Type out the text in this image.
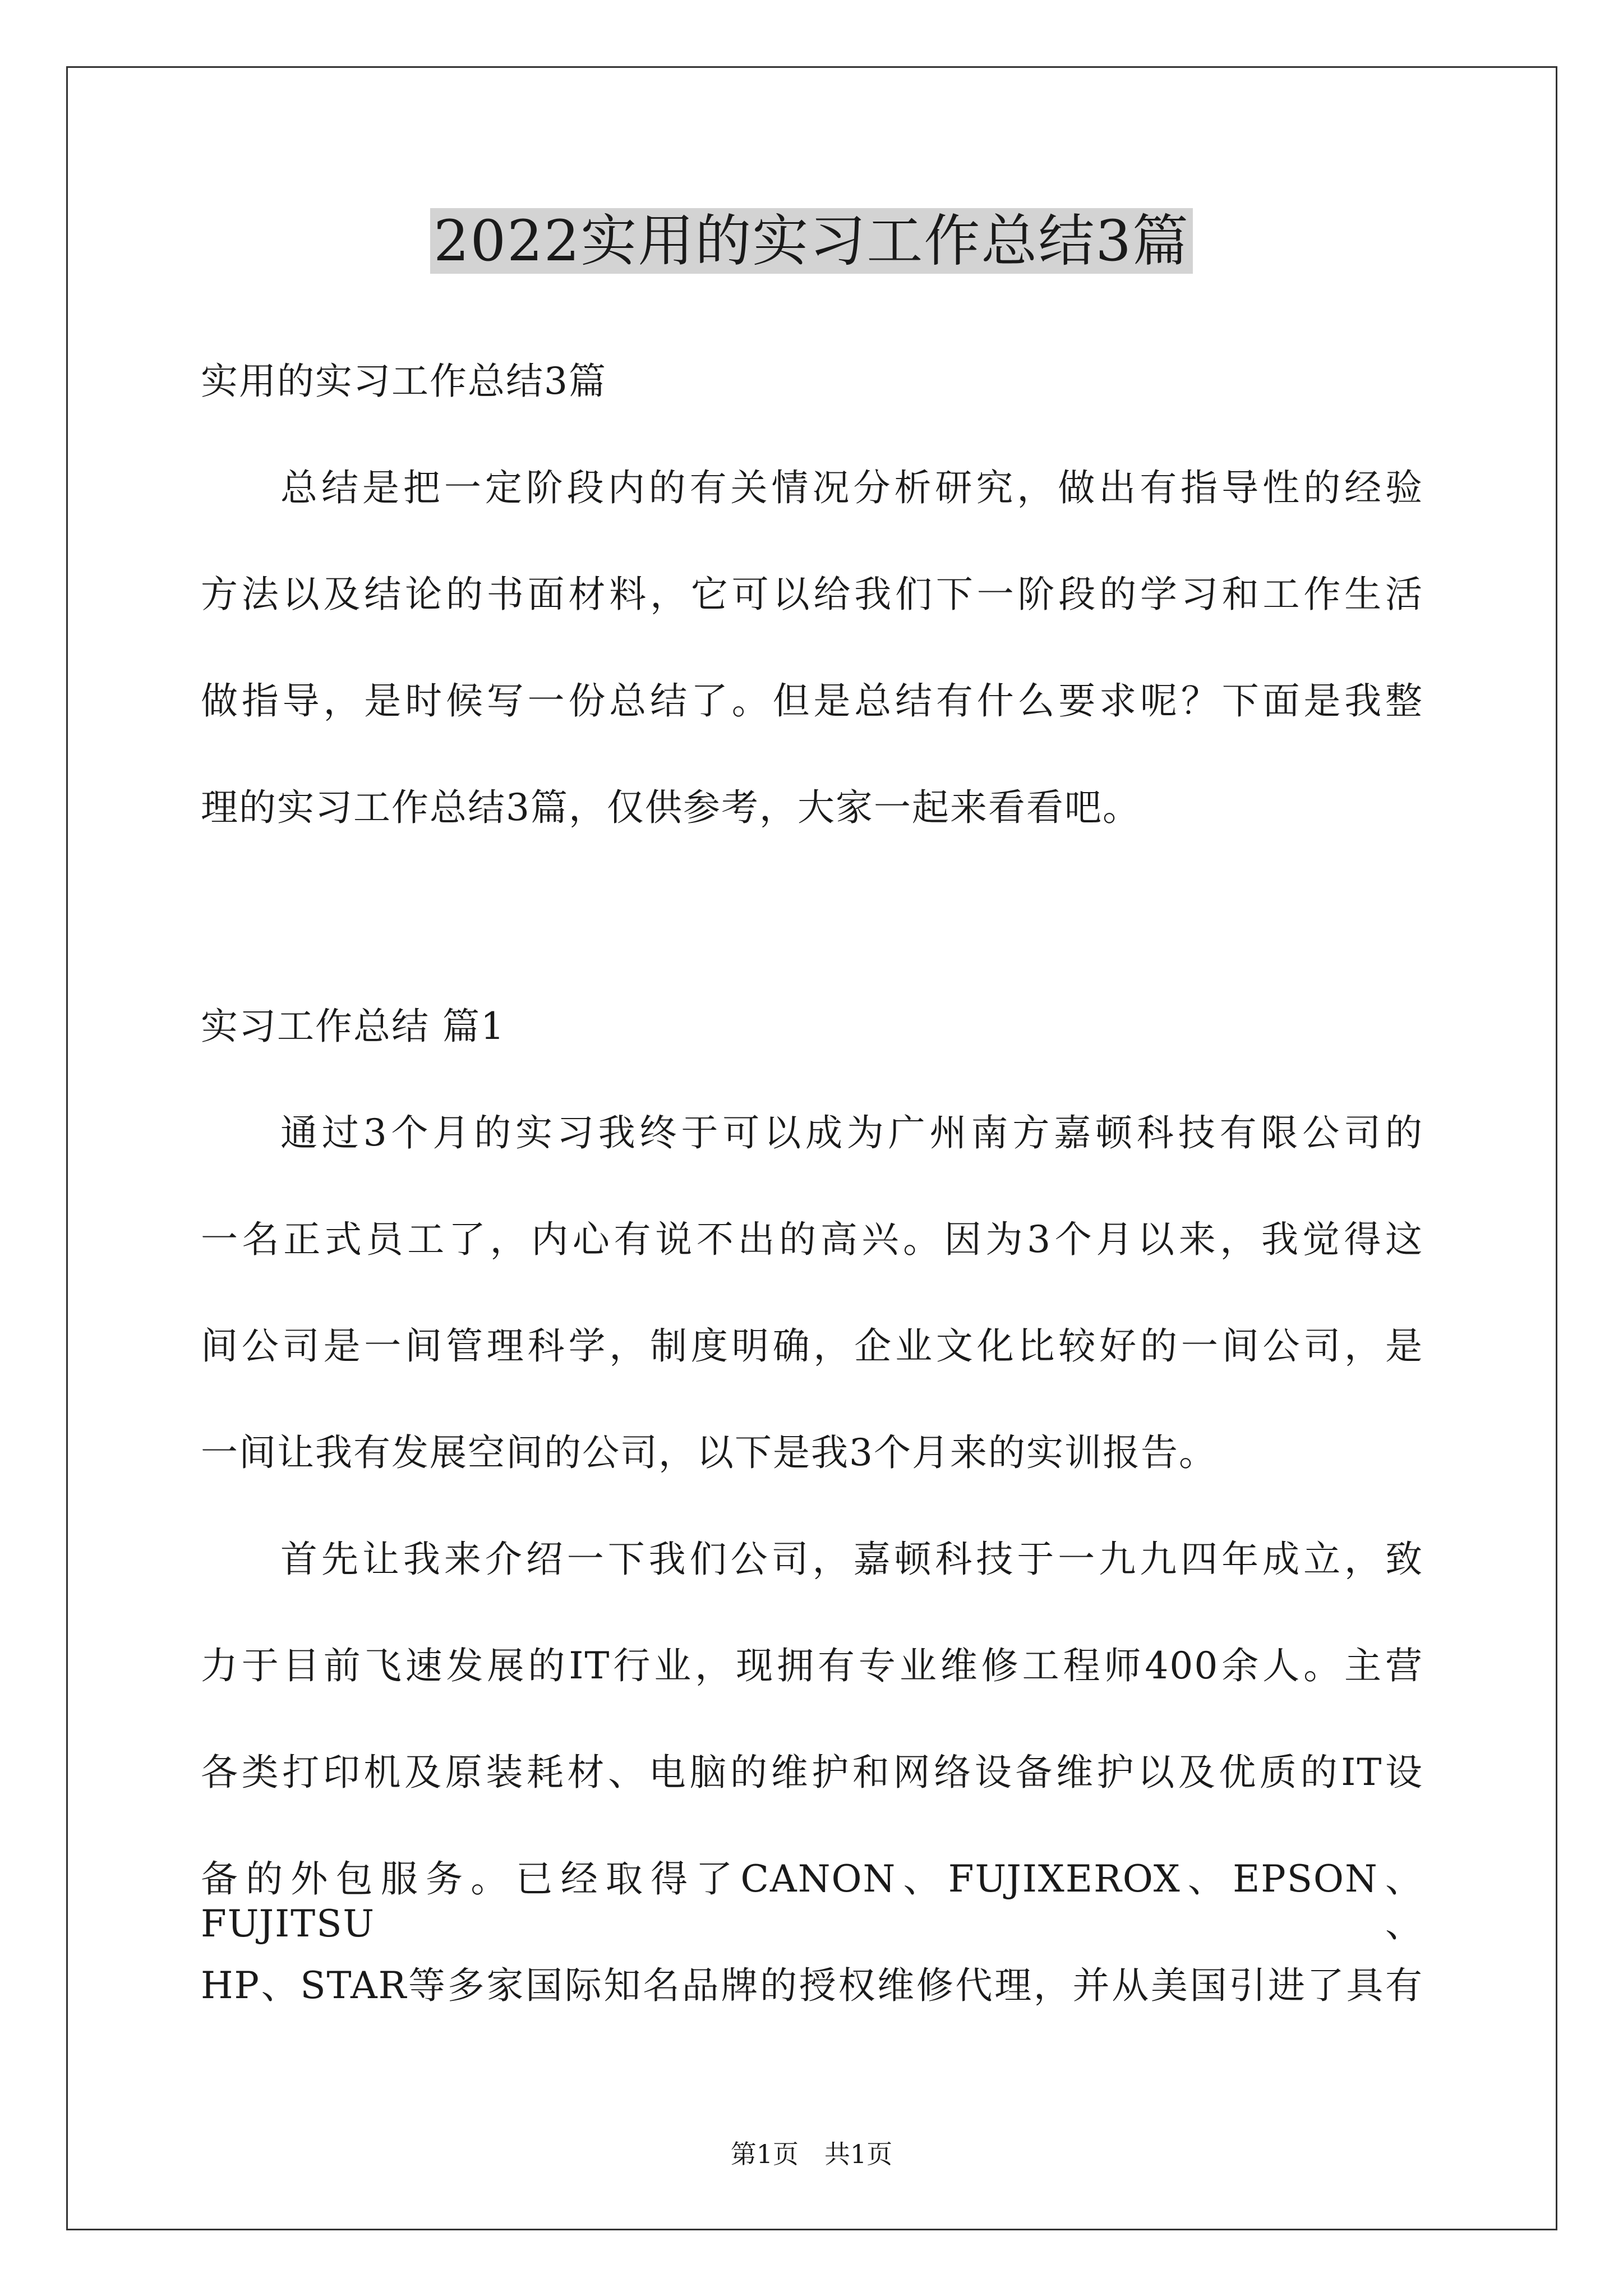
2022实用的实习工作总结3篇
实用的实习工作总结3篇
总结是把一定阶段内的有关情况分析研究，做出有指导性的经验
方法以及结论的书面材料，它可以给我们下一阶段的学习和工作生活
做指导，是时候写一份总结了。但是总结有什么要求呢？下面是我整
理的实习工作总结3篇，仅供参考，大家一起来看看吧。
实习工作总结 篇1
通过3个月的实习我终于可以成为广州南方嘉顿科技有限公司的
一名正式员工了，内心有说不出的高兴。因为3个月以来，我觉得这
间公司是一间管理科学，制度明确，企业文化比较好的一间公司，是
一间让我有发展空间的公司，以下是我3个月来的实训报告。
首先让我来介绍一下我们公司，嘉顿科技于一九九四年成立，致
力于目前飞速发展的IT行业，现拥有专业维修工程师400余人。主营
各类打印机及原装耗材、电脑的维护和网络设备维护以及优质的IT设
备的外包服务。已经取得了CANON、FUJIXEROX、EPSON、FUJITSU、
HP、STAR等多家国际知名品牌的授权维修代理，并从美国引进了具有
第1页　共1页
